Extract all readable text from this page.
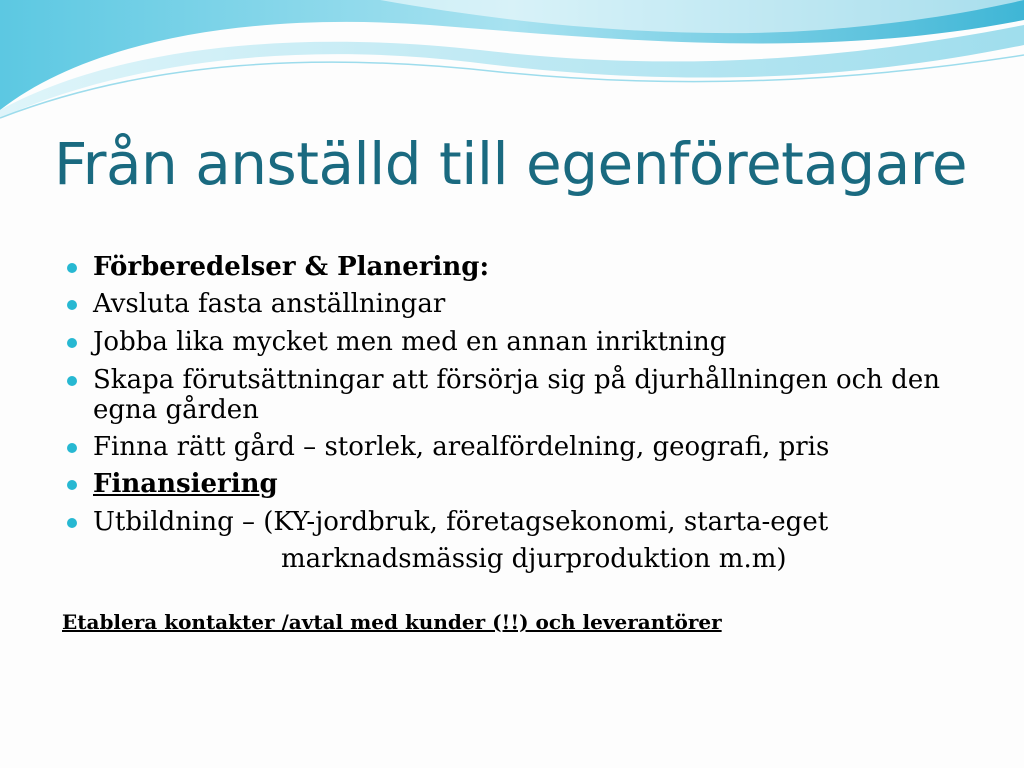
Från anställd till egenföretagare
Förberedelser & Planering:
Avsluta fasta anställningar
Jobba lika mycket men med en annan inriktning
Skapa förutsättningar att försörja sig på djurhållningen och den
egna gården
Finna rätt gård – storlek, arealfördelning, geografi, pris
Finansiering
Utbildning – (KY-jordbruk, företagsekonomi, starta-eget
marknadsmässig djurproduktion m.m)

Etablera kontakter /avtal med kunder (!!) och leverantörer
